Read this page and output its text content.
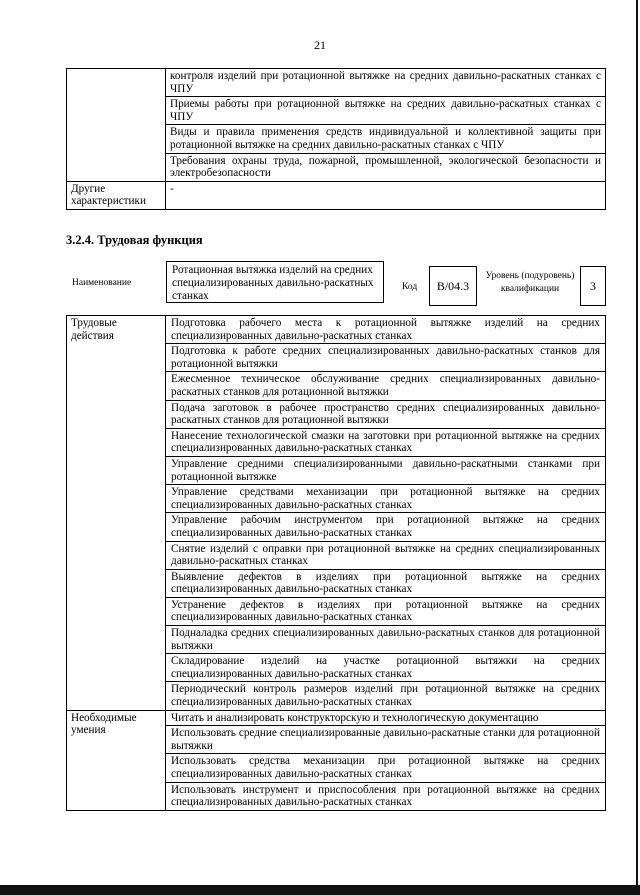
21
	контроля изделий при ротационной вытяжке на средних давильно-раскатных станках с ЧПУ
	Приемы работы при ротационной вытяжке на средних давильно-раскатных станках с ЧПУ
	Виды и правила применения средств индивидуальной и коллективной защиты при ротационной вытяжке на средних давильно-раскатных станках с ЧПУ
	Требования охраны труда, пожарной, промышленной, экологической безопасности и электробезопасности
Другие характеристики	-
3.2.4. Трудовая функция
Наименование
Ротационная вытяжка изделий на средних специализированных давильно-раскатных станках
Код	B/04.3
Уровень (подуровень) квалификации	3
Трудовые действия	Подготовка рабочего места к ротационной вытяжке изделий на средних специализированных давильно-раскатных станках
	Подготовка к работе средних специализированных давильно-раскатных станков для ротационной вытяжки
	Ежесменное техническое обслуживание средних специализированных давильно-раскатных станков для ротационной вытяжки
	Подача заготовок в рабочее пространство средних специализированных давильно-раскатных станков для ротационной вытяжки
	Нанесение технологической смазки на заготовки при ротационной вытяжке на средних специализированных давильно-раскатных станках
	Управление средними специализированными давильно-раскатными станками при ротационной вытяжке
	Управление средствами механизации при ротационной вытяжке на средних специализированных давильно-раскатных станках
	Управление рабочим инструментом при ротационной вытяжке на средних специализированных давильно-раскатных станках
	Снятие изделий с оправки при ротационной вытяжке на средних специализированных давильно-раскатных станках
	Выявление дефектов в изделиях при ротационной вытяжке на средних специализированных давильно-раскатных станках
	Устранение дефектов в изделиях при ротационной вытяжке на средних специализированных давильно-раскатных станках
	Подналадка средних специализированных давильно-раскатных станков для ротационной вытяжки
	Складирование изделий на участке ротационной вытяжки на средних специализированных давильно-раскатных станках
	Периодический контроль размеров изделий при ротационной вытяжке на средних специализированных давильно-раскатных станках
Необходимые умения	Читать и анализировать конструкторскую и технологическую документацию
	Использовать средние специализированные давильно-раскатные станки для ротационной вытяжки
	Использовать средства механизации при ротационной вытяжке на средних специализированных давильно-раскатных станках
	Использовать инструмент и приспособления при ротационной вытяжке на средних специализированных давильно-раскатных станках
